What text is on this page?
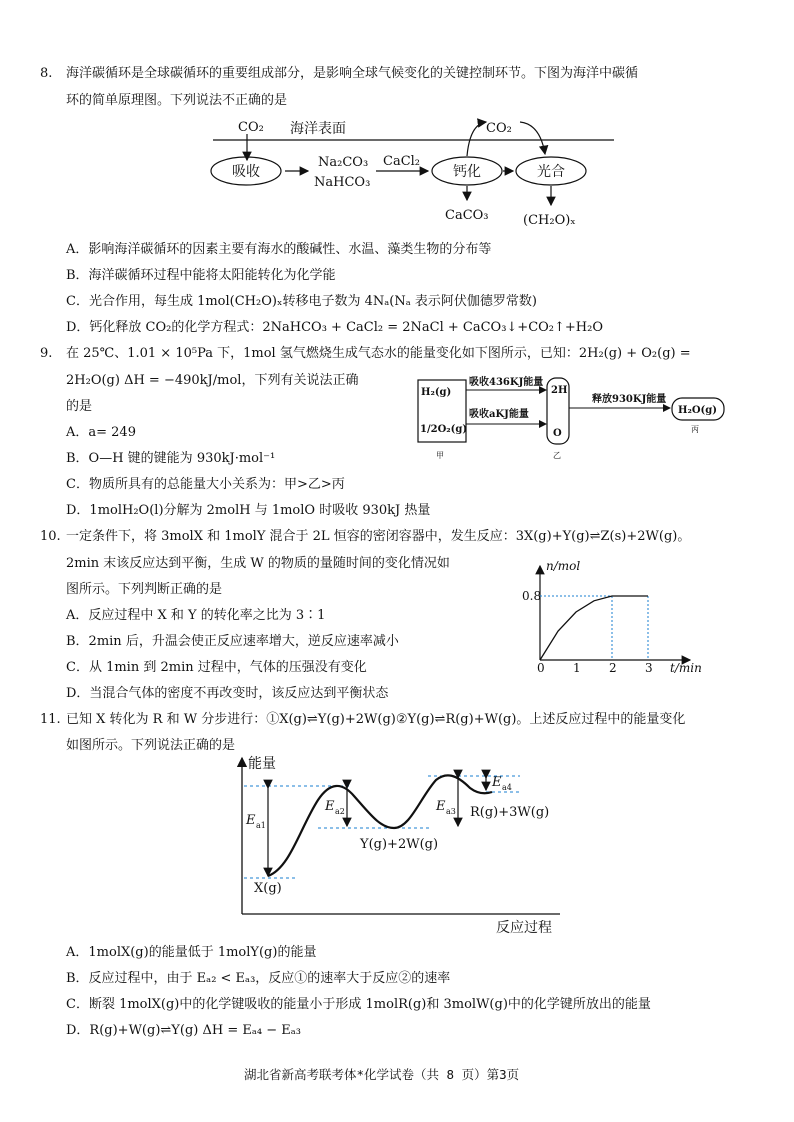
8. 海洋碳循环是全球碳循环的重要组成部分，是影响全球气候变化的关键控制环节。下图为海洋中碳循
环的简单原理图。下列说法不正确的是
CO₂ 海洋表面	CO₂
吸收
Na₂CO₃
NaHCO₃
CaCl₂
钙化	光合
CaCO₃	(CH₂O)ₓ
A．影响海洋碳循环的因素主要有海水的酸碱性、水温、藻类生物的分布等
B．海洋碳循环过程中能将太阳能转化为化学能
C．光合作用，每生成 1mol(CH₂O)ₓ转移电子数为 4Nₐ(Nₐ 表示阿伏伽德罗常数)
D．钙化释放 CO₂的化学方程式：2NaHCO₃ + CaCl₂ = 2NaCl + CaCO₃↓+CO₂↑+H₂O
9. 在 25℃、1.01 × 10⁵Pa 下，1mol 氢气燃烧生成气态水的能量变化如下图所示，已知：2H₂(g) + O₂(g) =
2H₂O(g) ΔH = −490kJ/mol，下列有关说法正确
的是
H₂(g)
1/2O₂(g)
吸收436KJ能量
吸收aKJ能量
2H
O
释放930KJ能量
H₂O(g)
甲	乙
丙
A．a= 249
B．O—H 键的键能为 930kJ·mol⁻¹
C．物质所具有的总能量大小关系为：甲>乙>丙
D．1molH₂O(l)分解为 2molH 与 1molO 时吸收 930kJ 热量
10. 一定条件下，将 3molX 和 1molY 混合于 2L 恒容的密闭容器中，发生反应：3X(g)+Y(g)⇌Z(s)+2W(g)。
2min 末该反应达到平衡，生成 W 的物质的量随时间的变化情况如
图所示。下列判断正确的是
A．反应过程中 X 和 Y 的转化率之比为 3∶1
B．2min 后，升温会使正反应速率增大，逆反应速率减小
C．从 1min 到 2min 过程中，气体的压强没有变化
D．当混合气体的密度不再改变时，该反应达到平衡状态
n/mol
t/min
0.8
0 1 2 3
11. 已知 X 转化为 R 和 W 分步进行：①X(g)⇌Y(g)+2W(g)②Y(g)⇌R(g)+W(g)。上述反应过程中的能量变化
如图所示。下列说法正确的是
能量
反应过程
E a1
E a2	E a3
E a4
X(g)
Y(g)+2W(g)
R(g)+3W(g)
A．1molX(g)的能量低于 1molY(g)的能量
B．反应过程中，由于 Eₐ₂ < Eₐ₃，反应①的速率大于反应②的速率
C．断裂 1molX(g)中的化学键吸收的能量小于形成 1molR(g)和 3molW(g)中的化学键所放出的能量
D．R(g)+W(g)⇌Y(g) ΔH = Eₐ₄ − Eₐ₃
湖北省新高考联考体*化学试卷（共 8 页）第3页
